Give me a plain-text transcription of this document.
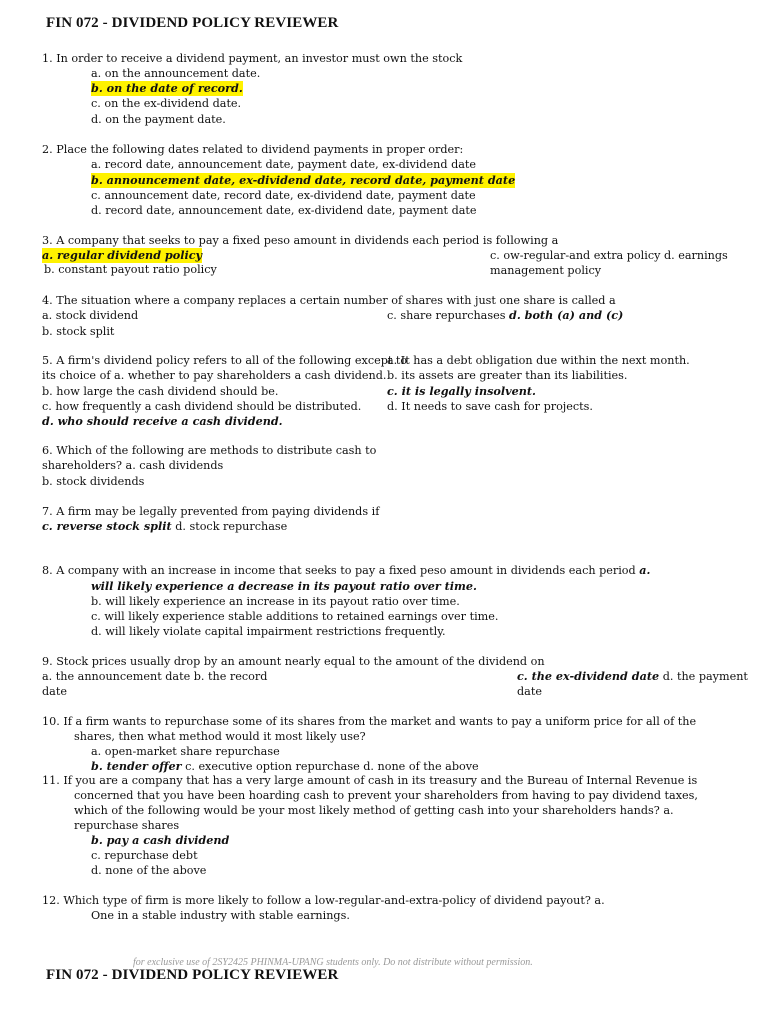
FIN 072 - DIVIDEND POLICY REVIEWER
1. In order to receive a dividend payment, an investor must own the stock
a. on the announcement date.
b. on the date of record.
c. on the ex-dividend date.
d. on the payment date.
2. Place the following dates related to dividend payments in proper order:
a. record date, announcement date, payment date, ex-dividend date
b. announcement date, ex-dividend date, record date, payment date
c. announcement date, record date, ex-dividend date, payment date
d. record date, announcement date, ex-dividend date, payment date
3. A company that seeks to pay a fixed peso amount in dividends each period is following a
a. regular dividend policy
b. constant payout ratio policy
c. ow-regular-and extra policy d. earnings
management policy
4. The situation where a company replaces a certain number of shares with just one share is called a
a. stock dividend
b. stock split
c. share repurchases d. both (a) and (c)
5. A firm's dividend policy refers to all of the following except to
its choice of a. whether to pay shareholders a cash dividend.
b. how large the cash dividend should be.
c. how frequently a cash dividend should be distributed.
d. who should receive a cash dividend.
a. It has a debt obligation due within the next month.
b. its assets are greater than its liabilities.
c. it is legally insolvent.
d. It needs to save cash for projects.
6. Which of the following are methods to distribute cash to
shareholders? a. cash dividends
b. stock dividends
7. A firm may be legally prevented from paying dividends if
c. reverse stock split d. stock repurchase
8. A company with an increase in income that seeks to pay a fixed peso amount in dividends each period a.
will likely experience a decrease in its payout ratio over time.
b. will likely experience an increase in its payout ratio over time.
c. will likely experience stable additions to retained earnings over time.
d. will likely violate capital impairment restrictions frequently.
9. Stock prices usually drop by an amount nearly equal to the amount of the dividend on
a. the announcement date b. the record
date
c. the ex-dividend date d. the payment
date
10. If a firm wants to repurchase some of its shares from the market and wants to pay a uniform price for all of the
shares, then what method would it most likely use?
a. open-market share repurchase
b. tender offer c. executive option repurchase d. none of the above
11. If you are a company that has a very large amount of cash in its treasury and the Bureau of Internal Revenue is
concerned that you have been hoarding cash to prevent your shareholders from having to pay dividend taxes,
which of the following would be your most likely method of getting cash into your shareholders hands? a.
repurchase shares
b. pay a cash dividend
c. repurchase debt
d. none of the above
12. Which type of firm is more likely to follow a low-regular-and-extra-policy of dividend payout? a.
One in a stable industry with stable earnings.
for exclusive use of 2SY2425 PHINMA-UPANG students only. Do not distribute without permission.
FIN 072 - DIVIDEND POLICY REVIEWER
